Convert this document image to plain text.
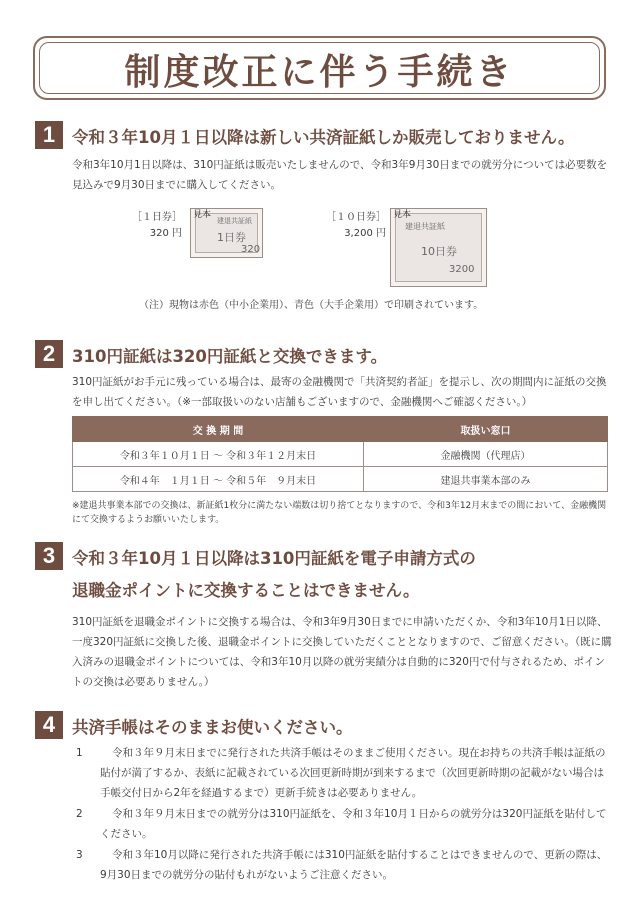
制度改正に伴う手続き
1	令和３年10月１日以降は新しい共済証紙しか販売しておりません。
令和3年10月1日以降は、310円証紙は販売いたしませんので、令和3年9月30日までの就労分については必要数を見込みで9月30日までに購入してください。
［１日券］
320 円
見本
建退共証紙
1日券
320
［１０日券］
3,200 円
見本
建退共証紙
10日券
3200
（注）現物は赤色（中小企業用）、青色（大手企業用）で印刷されています。
2	310円証紙は320円証紙と交換できます。
310円証紙がお手元に残っている場合は、最寄の金融機関で「共済契約者証」を提示し、次の期間内に証紙の交換を申し出てください。（※一部取扱いのない店舗もございますので、金融機関へご確認ください。）
交 換 期 間	取扱い窓口
令和３年１０月１日 ～ 令和３年１２月末日	金融機関（代理店）
令和４年　１月１日 ～ 令和５年　９月末日	建退共事業本部のみ
※建退共事業本部での交換は、新証紙1枚分に満たない端数は切り捨てとなりますので、令和3年12月末までの間において、金融機関にて交換するようお願いいたします。
3	令和３年10月１日以降は310円証紙を電子申請方式の
退職金ポイントに交換することはできません。
310円証紙を退職金ポイントに交換する場合は、令和3年9月30日までに申請いただくか、令和3年10月1日以降、一度320円証紙に交換した後、退職金ポイントに交換していただくこととなりますので、ご留意ください。（既に購入済みの退職金ポイントについては、令和3年10月以降の就労実績分は自動的に320円で付与されるため、ポイントの交換は必要ありません。）
4	共済手帳はそのままお使いください。
1	令和３年９月末日までに発行された共済手帳はそのままご使用ください。現在お持ちの共済手帳は証紙の貼付が満了するか、表紙に記載されている次回更新時期が到来するまで（次回更新時期の記載がない場合は手帳交付日から2年を経過するまで）更新手続きは必要ありません。
2	令和３年９月末日までの就労分は310円証紙を、令和３年10月１日からの就労分は320円証紙を貼付してください。
3	令和３年10月以降に発行された共済手帳には310円証紙を貼付することはできませんので、更新の際は、9月30日までの就労分の貼付もれがないようご注意ください。
